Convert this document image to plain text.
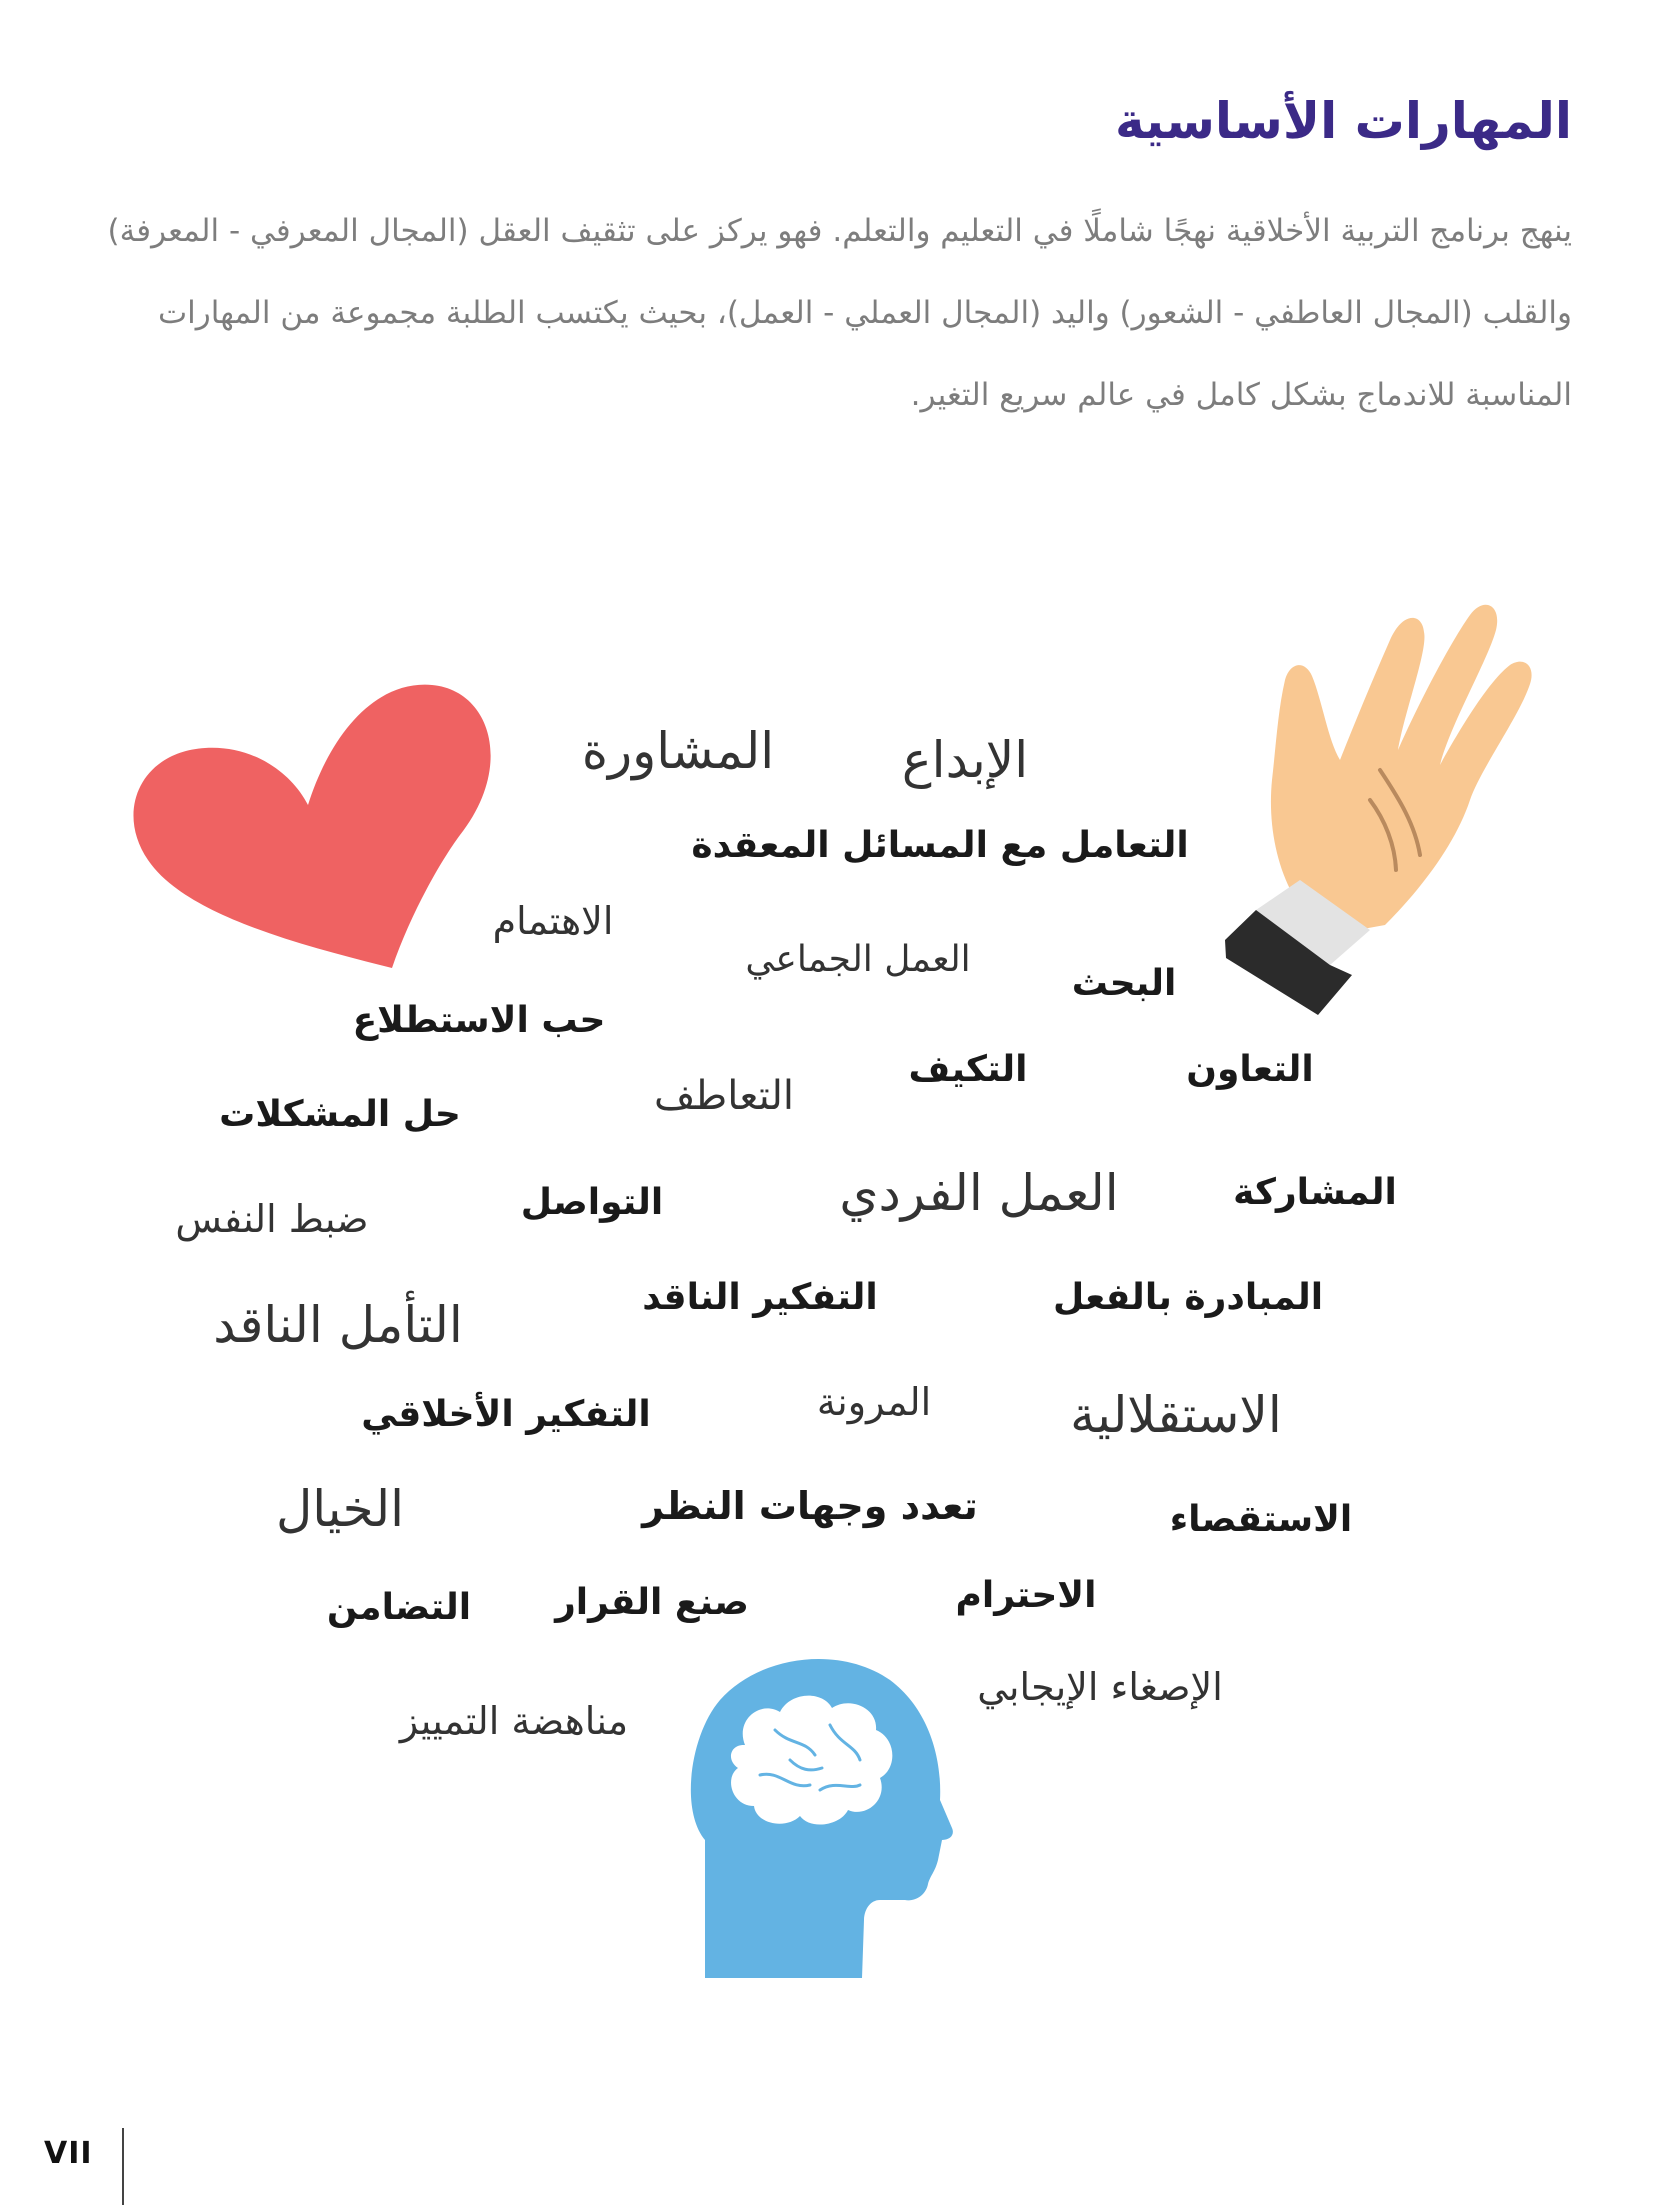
المهارات الأساسية

ينهج برنامج التربية الأخلاقية نهجًا شاملًا في التعليم والتعلم. فهو يركز على تثقيف العقل (المجال المعرفي - المعرفة)
والقلب (المجال العاطفي - الشعور) واليد (المجال العملي - العمل)، بحيث يكتسب الطلبة مجموعة من المهارات
المناسبة للاندماج بشكل كامل في عالم سريع التغير.

المشاورة	الإبداع
التعامل مع المسائل المعقدة
الاهتمام
العمل الجماعي
البحث
حب الاستطلاع
التعاون
التكيف
التعاطف
حل المشكلات
المشاركة
العمل الفردي
التواصل
ضبط النفس
المبادرة بالفعل
التفكير الناقد
التأمل الناقد
الاستقلالية
المرونة
التفكير الأخلاقي
الاستقصاء
تعدد وجهات النظر
الخيال
الاحترام
صنع القرار
التضامن
الإصغاء الإيجابي
مناهضة التمييز
VII
